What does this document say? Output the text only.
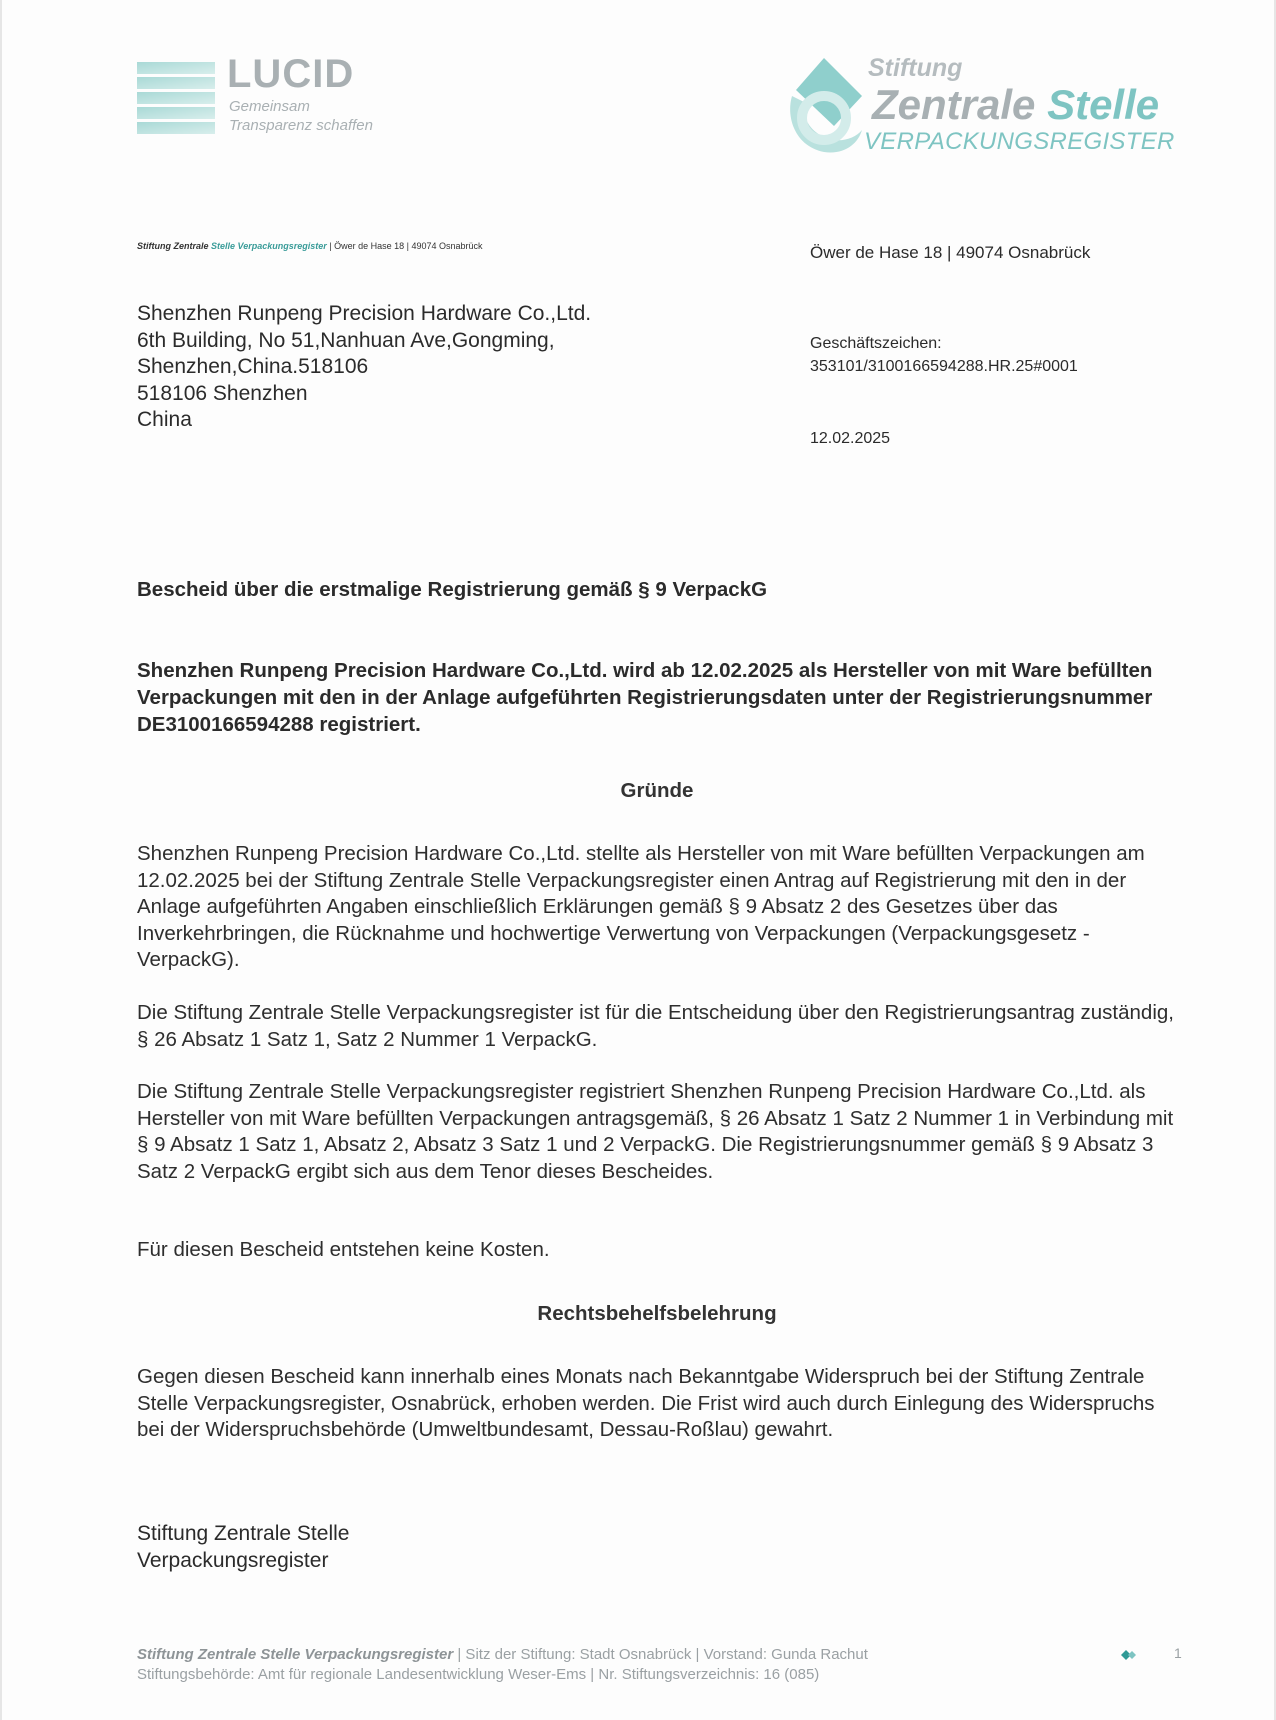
LUCID
Gemeinsam
Transparenz schaffen
Stiftung
Zentrale Stelle
VERPACKUNGSREGISTER
Stiftung Zentrale Stelle Verpackungsregister | Öwer de Hase 18 | 49074 Osnabrück
Shenzhen Runpeng Precision Hardware Co.,Ltd.
6th Building, No 51,Nanhuan Ave,Gongming,
Shenzhen,China.518106
518106 Shenzhen
China
Öwer de Hase 18 | 49074 Osnabrück
Geschäftszeichen:
353101/3100166594288.HR.25#0001
12.02.2025
Bescheid über die erstmalige Registrierung gemäß § 9 VerpackG
Shenzhen Runpeng Precision Hardware Co.,Ltd. wird ab 12.02.2025 als Hersteller von mit Ware befüllten Verpackungen mit den in der Anlage aufgeführten Registrierungsdaten unter der Registrierungsnummer DE3100166594288 registriert.
Gründe
Shenzhen Runpeng Precision Hardware Co.,Ltd. stellte als Hersteller von mit Ware befüllten Verpackungen am 12.02.2025 bei der Stiftung Zentrale Stelle Verpackungsregister einen Antrag auf Registrierung mit den in der Anlage aufgeführten Angaben einschließlich Erklärungen gemäß § 9 Absatz 2 des Gesetzes über das Inverkehrbringen, die Rücknahme und hochwertige Verwertung von Verpackungen (Verpackungsgesetz - VerpackG).
Die Stiftung Zentrale Stelle Verpackungsregister ist für die Entscheidung über den Registrierungsantrag zuständig, § 26 Absatz 1 Satz 1, Satz 2 Nummer 1 VerpackG.
Die Stiftung Zentrale Stelle Verpackungsregister registriert Shenzhen Runpeng Precision Hardware Co.,Ltd. als Hersteller von mit Ware befüllten Verpackungen antragsgemäß, § 26 Absatz 1 Satz 2 Nummer 1 in Verbindung mit § 9 Absatz 1 Satz 1, Absatz 2, Absatz 3 Satz 1 und 2 VerpackG. Die Registrierungsnummer gemäß § 9 Absatz 3 Satz 2 VerpackG ergibt sich aus dem Tenor dieses Bescheides.
Für diesen Bescheid entstehen keine Kosten.
Rechtsbehelfsbelehrung
Gegen diesen Bescheid kann innerhalb eines Monats nach Bekanntgabe Widerspruch bei der Stiftung Zentrale Stelle Verpackungsregister, Osnabrück, erhoben werden. Die Frist wird auch durch Einlegung des Widerspruchs bei der Widerspruchsbehörde (Umweltbundesamt, Dessau-Roßlau) gewahrt.
Stiftung Zentrale Stelle
Verpackungsregister
Stiftung Zentrale Stelle Verpackungsregister | Sitz der Stiftung: Stadt Osnabrück | Vorstand: Gunda Rachut
Stiftungsbehörde: Amt für regionale Landesentwicklung Weser-Ems | Nr. Stiftungsverzeichnis: 16 (085)
1
